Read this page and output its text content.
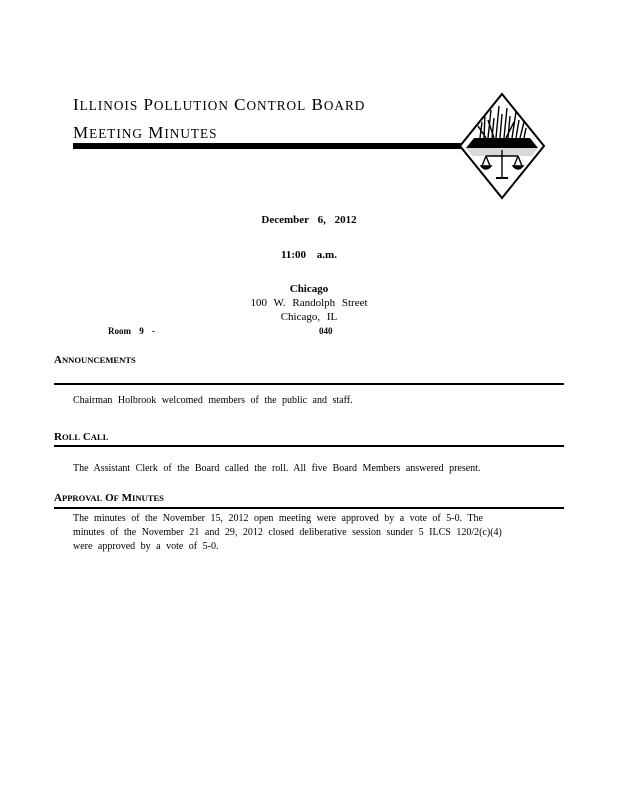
ILLINOIS POLLUTION CONTROL BOARD
MEETING MINUTES
December 6, 2012
11:00 a.m.
Chicago
100 W. Randolph Street
Chicago, IL
Room 9 -	040
ANNOUNCEMENTS
Chairman Holbrook welcomed members of the public and staff.
ROLL CALL
The Assistant Clerk of the Board called the roll. All five Board Members answered present.
APPROVAL OF MINUTES
The minutes of the November 15, 2012 open meeting were approved by a vote of 5-0. The
minutes of the November 21 and 29, 2012 closed deliberative session sunder 5 ILCS 120/2(c)(4)
were approved by a vote of 5-0.
